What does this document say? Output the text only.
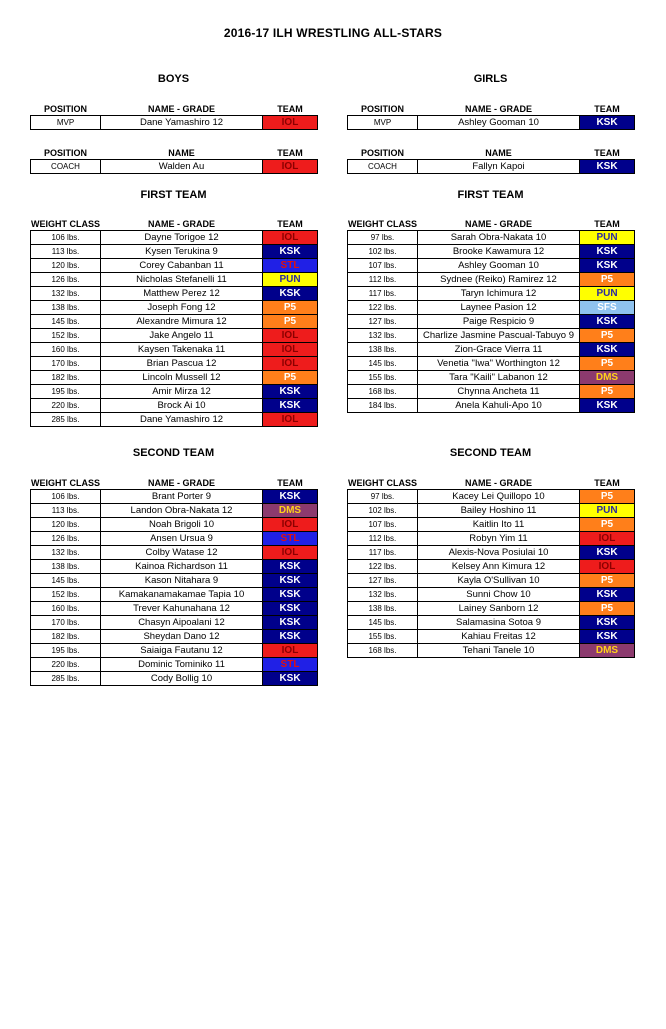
2016-17 ILH WRESTLING ALL-STARS
BOYS	GIRLS
POSITION	NAME - GRADE	TEAM
MVP	Dane Yamashiro 12	IOL
POSITION	NAME - GRADE	TEAM
MVP	Ashley Gooman 10	KSK
POSITION	NAME	TEAM
COACH	Walden Au	IOL
POSITION	NAME	TEAM
COACH	Fallyn Kapoi	KSK
FIRST TEAM	FIRST TEAM
WEIGHT CLASS	NAME - GRADE	TEAM
106 lbs.	Dayne Torigoe 12	IOL
113 lbs.	Kysen Terukina 9	KSK
120 lbs.	Corey Cabanban 11	STL
126 lbs.	Nicholas Stefanelli 11	PUN
132 lbs.	Matthew Perez 12	KSK
138 lbs.	Joseph Fong 12	P5
145 lbs.	Alexandre Mimura 12	P5
152 lbs.	Jake Angelo 11	IOL
160 lbs.	Kaysen Takenaka 11	IOL
170 lbs.	Brian Pascua 12	IOL
182 lbs.	Lincoln Mussell 12	P5
195 lbs.	Amir Mirza 12	KSK
220 lbs.	Brock Ai 10	KSK
285 lbs.	Dane Yamashiro 12	IOL
WEIGHT CLASS	NAME - GRADE	TEAM
97 lbs.	Sarah Obra-Nakata 10	PUN
102 lbs.	Brooke Kawamura 12	KSK
107 lbs.	Ashley Gooman 10	KSK
112 lbs.	Sydnee (Reiko) Ramirez 12	P5
117 lbs.	Taryn Ichimura 12	PUN
122 lbs.	Laynee Pasion 12	SFS
127 lbs.	Paige Respicio 9	KSK
132 lbs.	Charlize Jasmine Pascual-Tabuyo 9	P5
138 lbs.	Zion-Grace Vierra 11	KSK
145 lbs.	Venetia "Iwa" Worthington 12	P5
155 lbs.	Tara "Kaili" Labanon 12	DMS
168 lbs.	Chynna Ancheta 11	P5
184 lbs.	Anela Kahuli-Apo 10	KSK
SECOND TEAM	SECOND TEAM
WEIGHT CLASS	NAME - GRADE	TEAM
106 lbs.	Brant Porter 9	KSK
113 lbs.	Landon Obra-Nakata 12	DMS
120 lbs.	Noah Brigoli 10	IOL
126 lbs.	Ansen Ursua 9	STL
132 lbs.	Colby Watase 12	IOL
138 lbs.	Kainoa Richardson 11	KSK
145 lbs.	Kason Nitahara 9	KSK
152 lbs.	Kamakanamakamae Tapia 10	KSK
160 lbs.	Trever Kahunahana 12	KSK
170 lbs.	Chasyn Aipoalani 12	KSK
182 lbs.	Sheydan Dano 12	KSK
195 lbs.	Saiaiga Fautanu 12	IOL
220 lbs.	Dominic Tominiko 11	STL
285 lbs.	Cody Bollig 10	KSK
WEIGHT CLASS	NAME - GRADE	TEAM
97 lbs.	Kacey Lei Quillopo 10	P5
102 lbs.	Bailey Hoshino 11	PUN
107 lbs.	Kaitlin Ito 11	P5
112 lbs.	Robyn Yim 11	IOL
117 lbs.	Alexis-Nova Posiulai 10	KSK
122 lbs.	Kelsey Ann Kimura 12	IOL
127 lbs.	Kayla O'Sullivan 10	P5
132 lbs.	Sunni Chow 10	KSK
138 lbs.	Lainey Sanborn 12	P5
145 lbs.	Salamasina Sotoa 9	KSK
155 lbs.	Kahiau Freitas 12	KSK
168 lbs.	Tehani Tanele 10	DMS
